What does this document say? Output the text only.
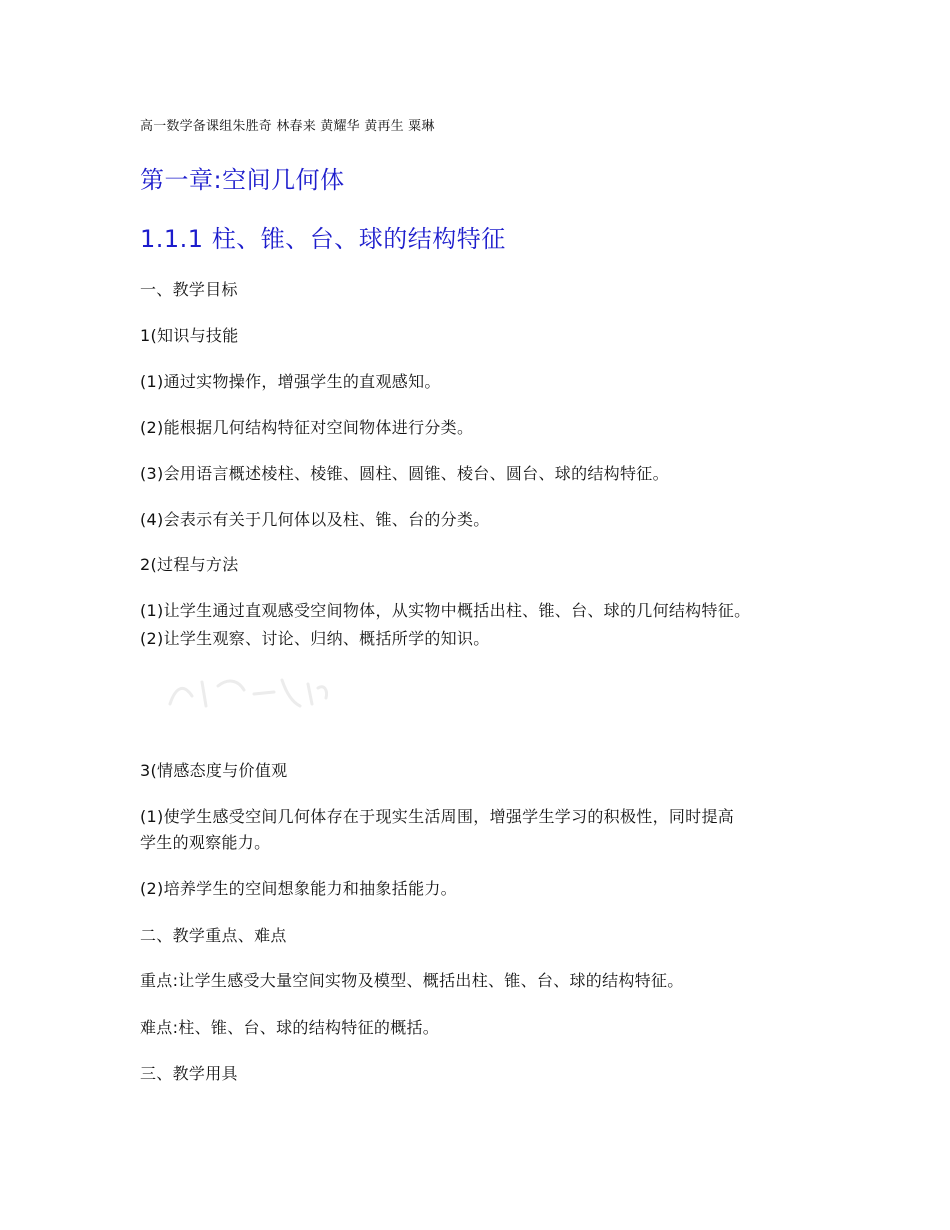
高一数学备课组朱胜奇 林春来 黄耀华 黄再生 粟琳
第一章:空间几何体
1.1.1 柱、锥、台、球的结构特征
一、教学目标
1(知识与技能
(1)通过实物操作，增强学生的直观感知。
(2)能根据几何结构特征对空间物体进行分类。
(3)会用语言概述棱柱、棱锥、圆柱、圆锥、棱台、圆台、球的结构特征。
(4)会表示有关于几何体以及柱、锥、台的分类。
2(过程与方法
(1)让学生通过直观感受空间物体，从实物中概括出柱、锥、台、球的几何结构特征。
(2)让学生观察、讨论、归纳、概括所学的知识。
3(情感态度与价值观
(1)使学生感受空间几何体存在于现实生活周围，增强学生学习的积极性，同时提高
学生的观察能力。
(2)培养学生的空间想象能力和抽象括能力。
二、教学重点、难点
重点:让学生感受大量空间实物及模型、概括出柱、锥、台、球的结构特征。
难点:柱、锥、台、球的结构特征的概括。
三、教学用具
